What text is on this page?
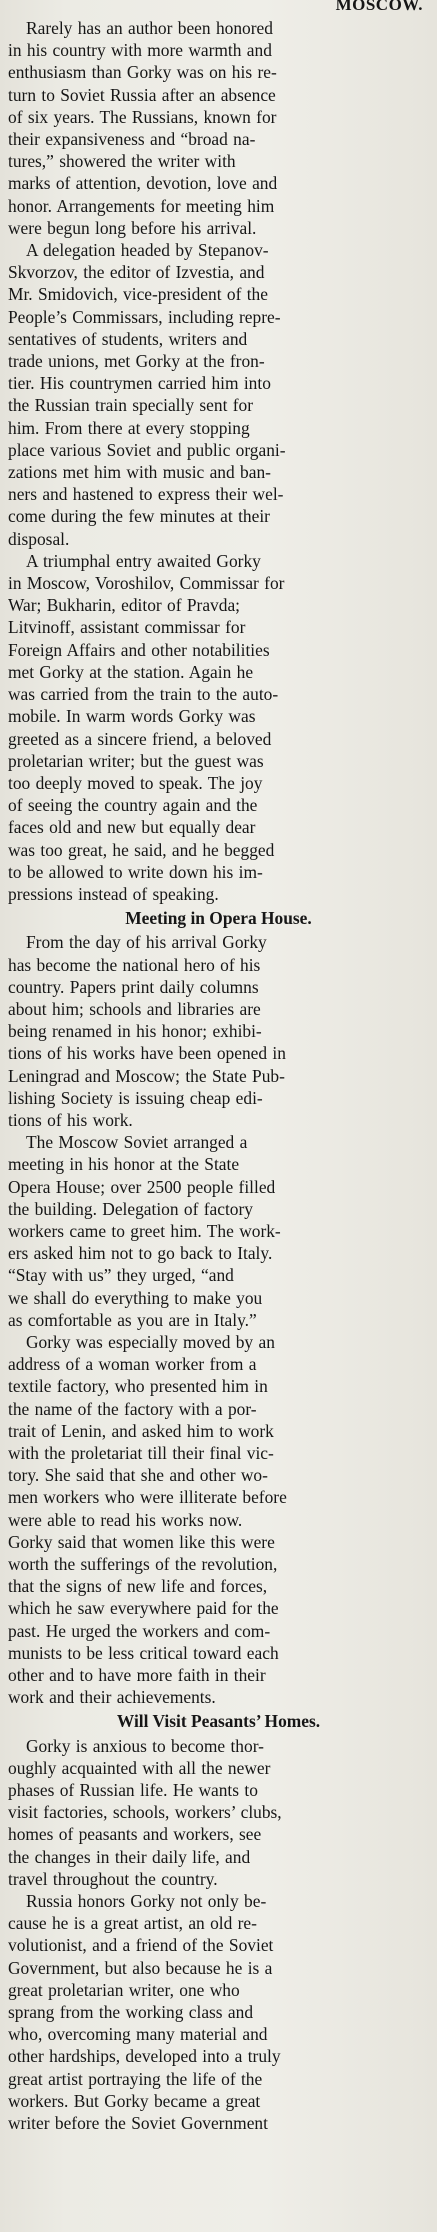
MOSCOW.

Rarely has an author been honored
in his country with more warmth and
enthusiasm than Gorky was on his re-
turn to Soviet Russia after an absence
of six years. The Russians, known for
their expansiveness and “broad na-
tures,” showered the writer with
marks of attention, devotion, love and
honor. Arrangements for meeting him
were begun long before his arrival.

A delegation headed by Stepanov-
Skvorzov, the editor of Izvestia, and
Mr. Smidovich, vice-president of the
People’s Commissars, including repre-
sentatives of students, writers and
trade unions, met Gorky at the fron-
tier. His countrymen carried him into
the Russian train specially sent for
him. From there at every stopping
place various Soviet and public organi-
zations met him with music and ban-
ners and hastened to express their wel-
come during the few minutes at their
disposal.

A triumphal entry awaited Gorky
in Moscow, Voroshilov, Commissar for
War; Bukharin, editor of Pravda;
Litvinoff, assistant commissar for
Foreign Affairs and other notabilities
met Gorky at the station. Again he
was carried from the train to the auto-
mobile. In warm words Gorky was
greeted as a sincere friend, a beloved
proletarian writer; but the guest was
too deeply moved to speak. The joy
of seeing the country again and the
faces old and new but equally dear
was too great, he said, and he begged
to be allowed to write down his im-
pressions instead of speaking.

Meeting in Opera House.

From the day of his arrival Gorky
has become the national hero of his
country. Papers print daily columns
about him; schools and libraries are
being renamed in his honor; exhibi-
tions of his works have been opened in
Leningrad and Moscow; the State Pub-
lishing Society is issuing cheap edi-
tions of his work.

The Moscow Soviet arranged a
meeting in his honor at the State
Opera House; over 2500 people filled
the building. Delegation of factory
workers came to greet him. The work-
ers asked him not to go back to Italy.
“Stay with us” they urged, “and
we shall do everything to make you
as comfortable as you are in Italy.”

Gorky was especially moved by an
address of a woman worker from a
textile factory, who presented him in
the name of the factory with a por-
trait of Lenin, and asked him to work
with the proletariat till their final vic-
tory. She said that she and other wo-
men workers who were illiterate before
were able to read his works now.
Gorky said that women like this were
worth the sufferings of the revolution,
that the signs of new life and forces,
which he saw everywhere paid for the
past. He urged the workers and com-
munists to be less critical toward each
other and to have more faith in their
work and their achievements.

Will Visit Peasants’ Homes.

Gorky is anxious to become thor-
oughly acquainted with all the newer
phases of Russian life. He wants to
visit factories, schools, workers’ clubs,
homes of peasants and workers, see
the changes in their daily life, and
travel throughout the country.

Russia honors Gorky not only be-
cause he is a great artist, an old re-
volutionist, and a friend of the Soviet
Government, but also because he is a
great proletarian writer, one who
sprang from the working class and
who, overcoming many material and
other hardships, developed into a truly
great artist portraying the life of the
workers. But Gorky became a great
writer before the Soviet Government
